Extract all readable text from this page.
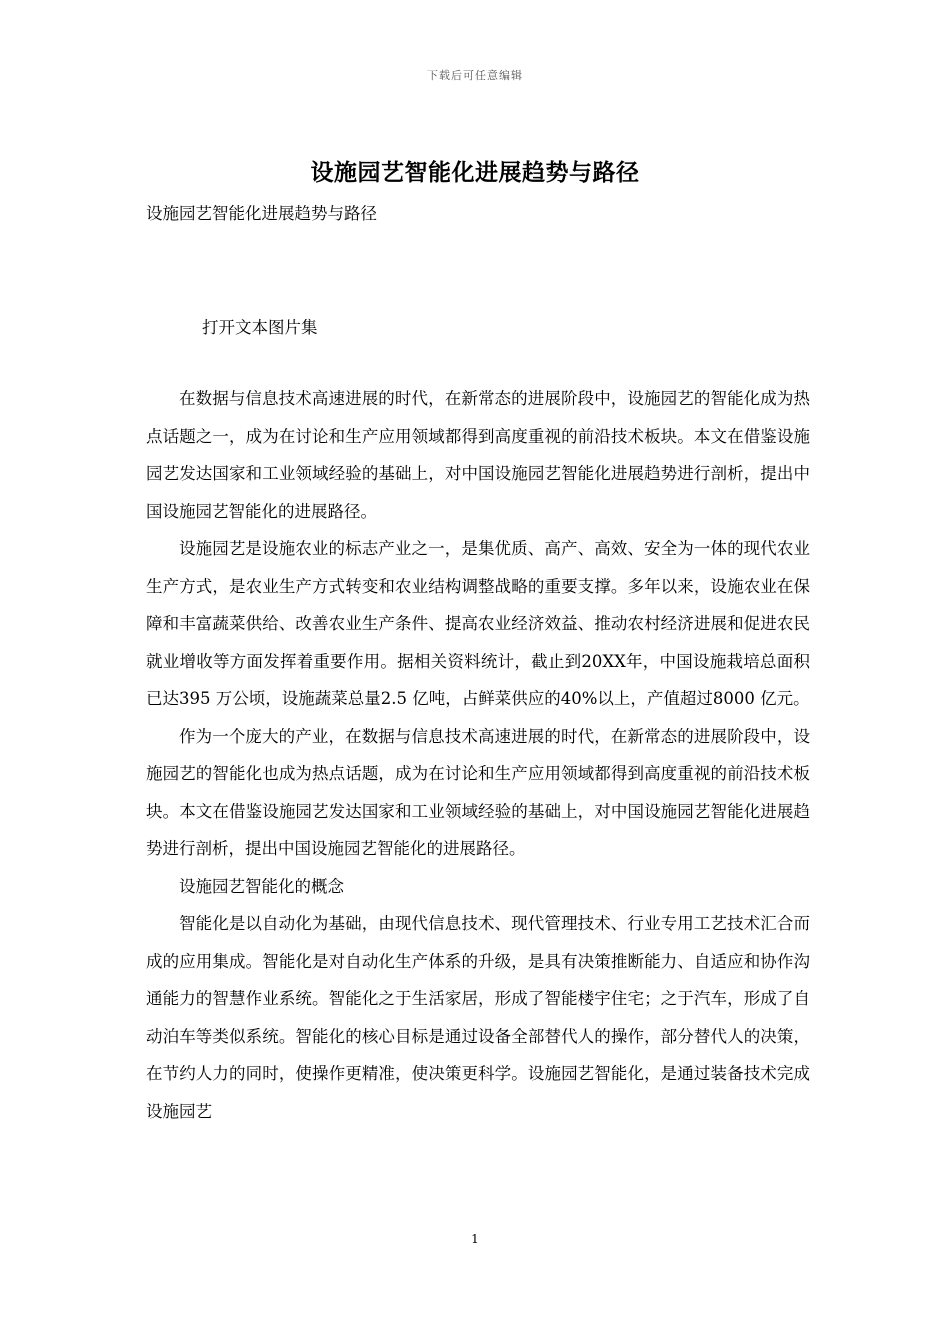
下载后可任意编辑
设施园艺智能化进展趋势与路径
设施园艺智能化进展趋势与路径
打开文本图片集

在数据与信息技术高速进展的时代，在新常态的进展阶段中，设施园艺的智能化成为热点话题之一，成为在讨论和生产应用领域都得到高度重视的前沿技术板块。本文在借鉴设施园艺发达国家和工业领域经验的基础上，对中国设施园艺智能化进展趋势进行剖析，提出中国设施园艺智能化的进展路径。

设施园艺是设施农业的标志产业之一，是集优质、高产、高效、安全为一体的现代农业生产方式，是农业生产方式转变和农业结构调整战略的重要支撑。多年以来，设施农业在保障和丰富蔬菜供给、改善农业生产条件、提高农业经济效益、推动农村经济进展和促进农民就业增收等方面发挥着重要作用。据相关资料统计，截止到20XX年，中国设施栽培总面积已达395 万公顷，设施蔬菜总量2.5 亿吨，占鲜菜供应的40%以上，产值超过8000 亿元。

作为一个庞大的产业，在数据与信息技术高速进展的时代，在新常态的进展阶段中，设施园艺的智能化也成为热点话题，成为在讨论和生产应用领域都得到高度重视的前沿技术板块。本文在借鉴设施园艺发达国家和工业领域经验的基础上，对中国设施园艺智能化进展趋势进行剖析，提出中国设施园艺智能化的进展路径。

设施园艺智能化的概念

智能化是以自动化为基础，由现代信息技术、现代管理技术、行业专用工艺技术汇合而成的应用集成。智能化是对自动化生产体系的升级，是具有决策推断能力、自适应和协作沟通能力的智慧作业系统。智能化之于生活家居，形成了智能楼宇住宅；之于汽车，形成了自动泊车等类似系统。智能化的核心目标是通过设备全部替代人的操作，部分替代人的决策，在节约人力的同时，使操作更精准，使决策更科学。设施园艺智能化，是通过装备技术完成设施园艺

1
